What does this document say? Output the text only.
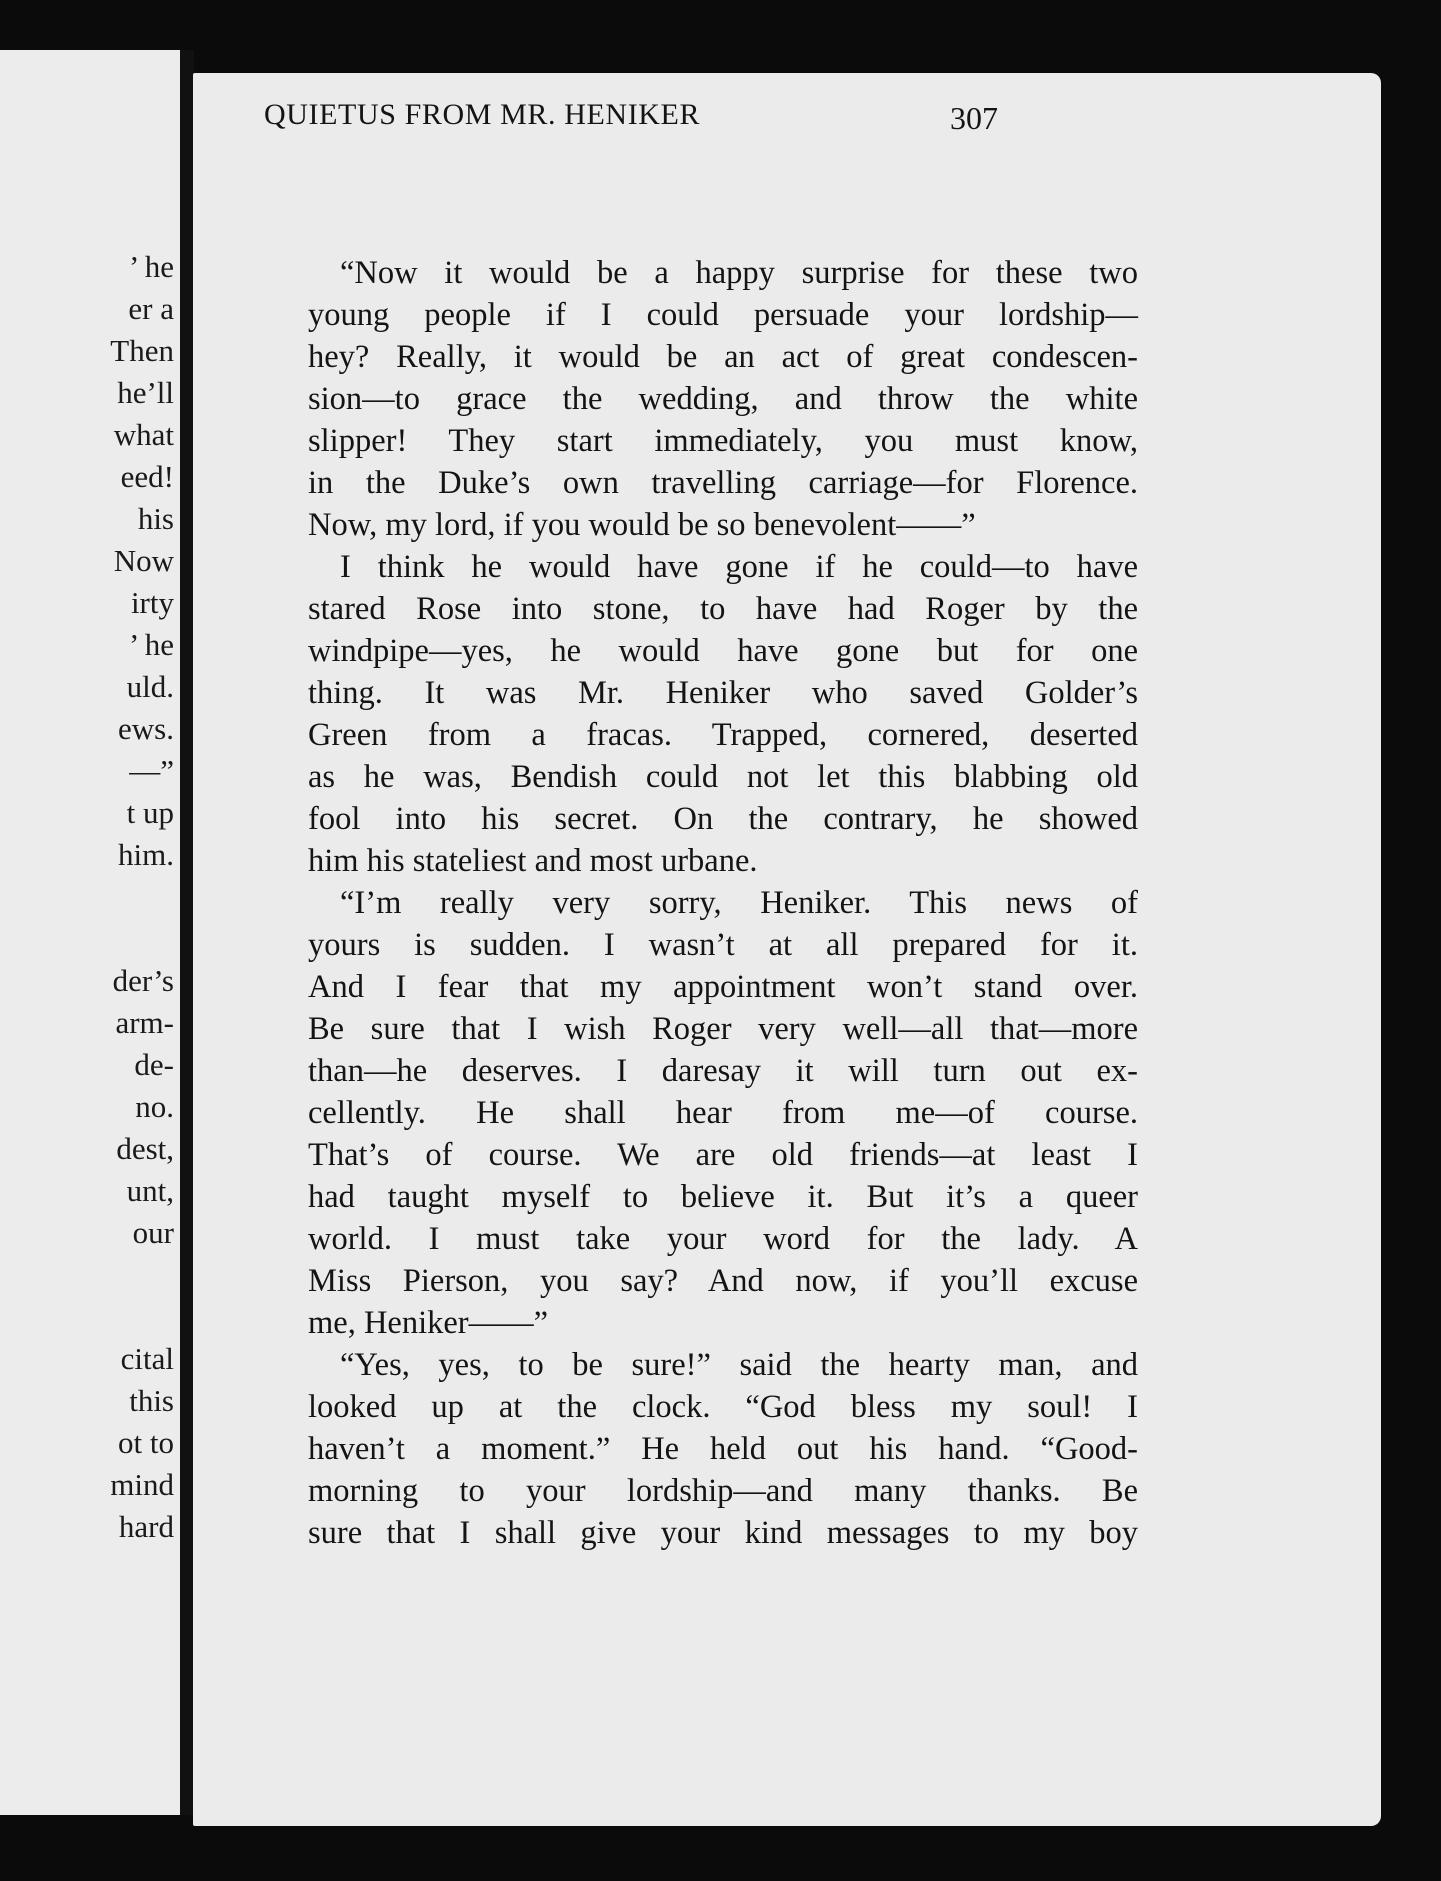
’ he
er a
Then
he’ll
what
eed!
his
Now
irty
’ he
uld.
ews.
—”
t up
him.
der’s
arm-
de-
no.
dest,
unt,
our
cital
this
ot to
mind
hard
QUIETUS FROM MR. HENIKER	307
“Now it would be a happy surprise for these two
young people if I could persuade your lordship—
hey? Really, it would be an act of great condescen-
sion—to grace the wedding, and throw the white
slipper! They start immediately, you must know,
in the Duke’s own travelling carriage—for Florence.
Now, my lord, if you would be so benevolent——”
I think he would have gone if he could—to have
stared Rose into stone, to have had Roger by the
windpipe—yes, he would have gone but for one
thing. It was Mr. Heniker who saved Golder’s
Green from a fracas. Trapped, cornered, deserted
as he was, Bendish could not let this blabbing old
fool into his secret. On the contrary, he showed
him his stateliest and most urbane.
“I’m really very sorry, Heniker. This news of
yours is sudden. I wasn’t at all prepared for it.
And I fear that my appointment won’t stand over.
Be sure that I wish Roger very well—all that—more
than—he deserves. I daresay it will turn out ex-
cellently. He shall hear from me—of course.
That’s of course. We are old friends—at least I
had taught myself to believe it. But it’s a queer
world. I must take your word for the lady. A
Miss Pierson, you say? And now, if you’ll excuse
me, Heniker——”
“Yes, yes, to be sure!” said the hearty man, and
looked up at the clock. “God bless my soul! I
haven’t a moment.” He held out his hand. “Good-
morning to your lordship—and many thanks. Be
sure that I shall give your kind messages to my boy
